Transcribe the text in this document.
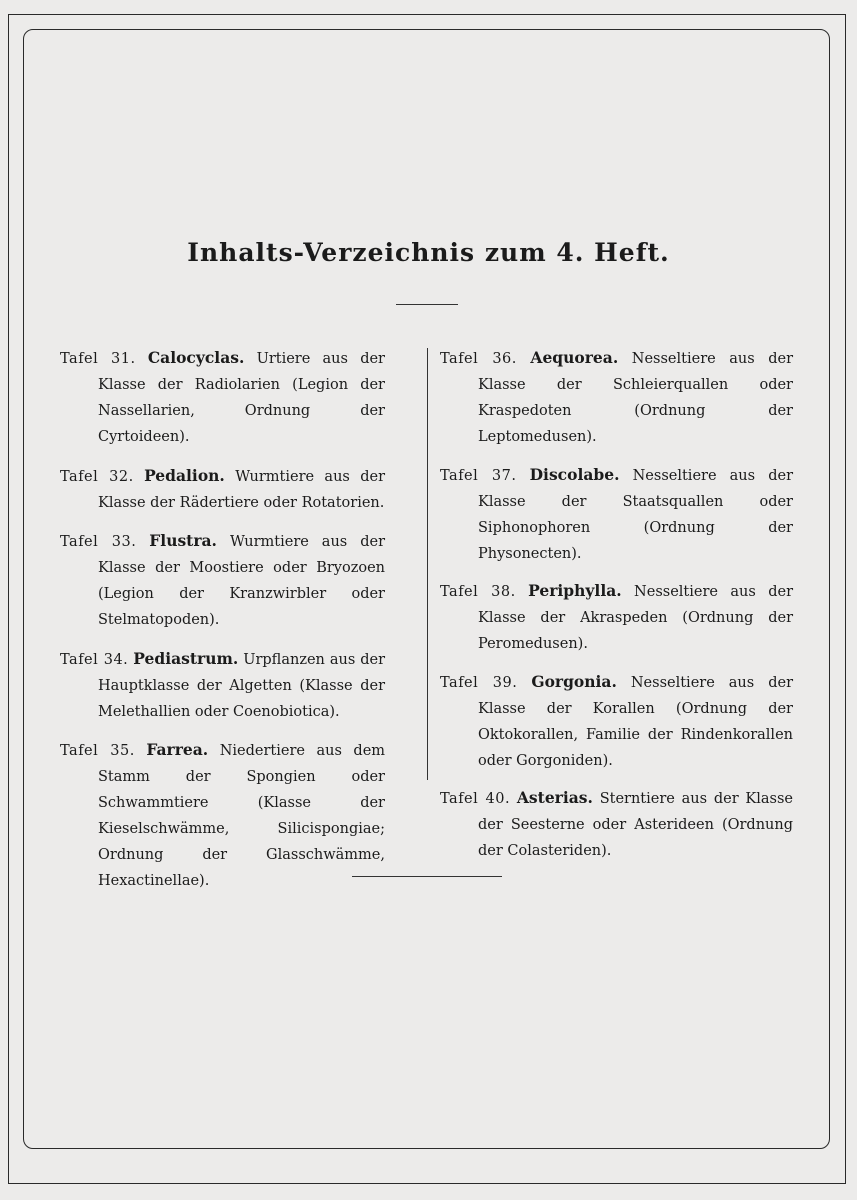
Inhalts-Verzeichnis zum 4. Heft.

Tafel 31. Calocyclas. Urtiere aus der Klasse der Radiolarien (Legion der Nassellarien, Ordnung der Cyrtoideen).

Tafel 32. Pedalion. Wurmtiere aus der Klasse der Rädertiere oder Rotatorien.

Tafel 33. Flustra. Wurmtiere aus der Klasse der Moostiere oder Bryozoen (Legion der Kranzwirbler oder Stelmatopoden).

Tafel 34. Pediastrum. Urpflanzen aus der Hauptklasse der Algetten (Klasse der Melethallien oder Coenobiotica).

Tafel 35. Farrea. Niedertiere aus dem Stamm der Spongien oder Schwammtiere (Klasse der Kieselschwämme, Silicispongiae; Ordnung der Glasschwämme, Hexactinellae).

Tafel 36. Aequorea. Nesseltiere aus der Klasse der Schleierquallen oder Kraspedoten (Ordnung der Leptomedusen).

Tafel 37. Discolabe. Nesseltiere aus der Klasse der Staatsquallen oder Siphonophoren (Ordnung der Physonecten).

Tafel 38. Periphylla. Nesseltiere aus der Klasse der Akraspeden (Ordnung der Peromedusen).

Tafel 39. Gorgonia. Nesseltiere aus der Klasse der Korallen (Ordnung der Oktokorallen, Familie der Rindenkorallen oder Gorgoniden).

Tafel 40. Asterias. Sterntiere aus der Klasse der Seesterne oder Asterideen (Ordnung der Colasteriden).
